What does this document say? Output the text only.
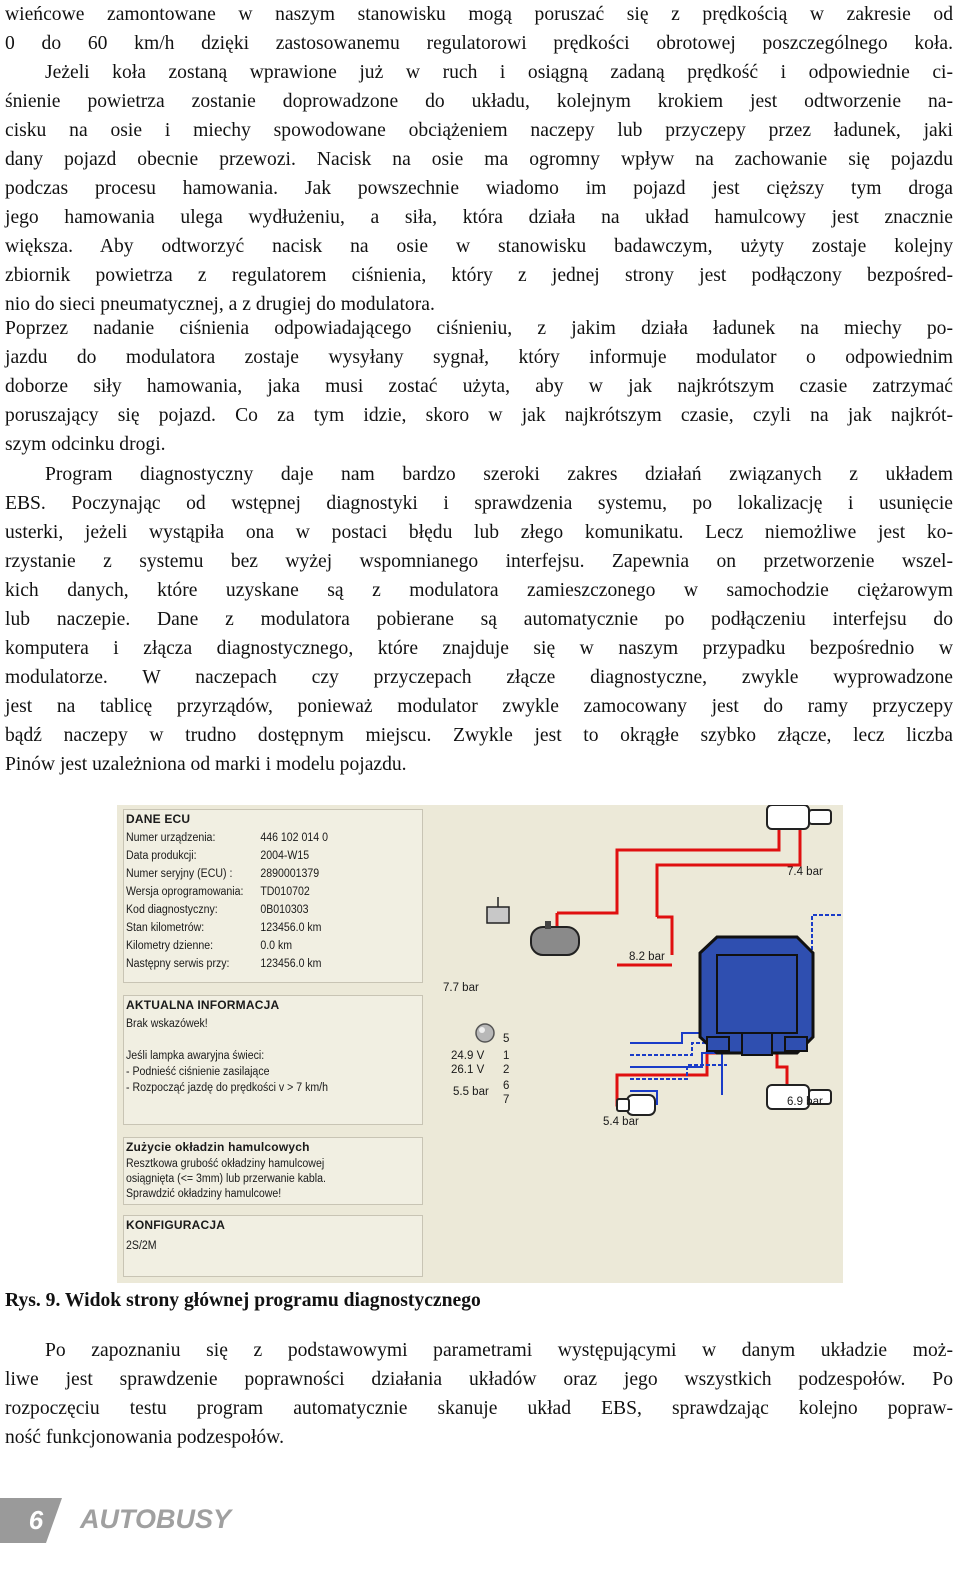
wieńcowe zamontowane w naszym stanowisku mogą poruszać się z prędkością w zakresie od
0 do 60 km/h dzięki zastosowanemu regulatorowi prędkości obrotowej poszczególnego koła.
Jeżeli koła zostaną wprawione już w ruch i osiągną zadaną prędkość i odpowiednie ci-
śnienie powietrza zostanie doprowadzone do układu, kolejnym krokiem jest odtworzenie na-
cisku na osie i miechy spowodowane obciążeniem naczepy lub przyczepy przez ładunek, jaki
dany pojazd obecnie przewozi. Nacisk na osie ma ogromny wpływ na zachowanie się pojazdu
podczas procesu hamowania. Jak powszechnie wiadomo im pojazd jest cięższy tym droga
jego hamowania ulega wydłużeniu, a siła, która działa na układ hamulcowy jest znacznie
większa. Aby odtworzyć nacisk na osie w stanowisku badawczym, użyty zostaje kolejny
zbiornik powietrza z regulatorem ciśnienia, który z jednej strony jest podłączony bezpośred-
nio do sieci pneumatycznej, a z drugiej do modulatora.
Poprzez nadanie ciśnienia odpowiadającego ciśnieniu, z jakim działa ładunek na miechy po-
jazdu do modulatora zostaje wysyłany sygnał, który informuje modulator o odpowiednim
doborze siły hamowania, jaka musi zostać użyta, aby w jak najkrótszym czasie zatrzymać
poruszający się pojazd. Co za tym idzie, skoro w jak najkrótszym czasie, czyli na jak najkrót-
szym odcinku drogi.
Program diagnostyczny daje nam bardzo szeroki zakres działań związanych z układem
EBS. Poczynając od wstępnej diagnostyki i sprawdzenia systemu, po lokalizację i usunięcie
usterki, jeżeli wystąpiła ona w postaci błędu lub złego komunikatu. Lecz niemożliwe jest ko-
rzystanie z systemu bez wyżej wspomnianego interfejsu. Zapewnia on przetworzenie wszel-
kich danych, które uzyskane są z modulatora zamieszczonego w samochodzie ciężarowym
lub naczepie. Dane z modulatora pobierane są automatycznie po podłączeniu interfejsu do
komputera i złącza diagnostycznego, które znajduje się w naszym przypadku bezpośrednio w
modulatorze. W naczepach czy przyczepach złącze diagnostyczne, zwykle wyprowadzone
jest na tablicę przyrządów, ponieważ modulator zwykle zamocowany jest do ramy przyczepy
bądź naczepy w trudno dostępnym miejscu. Zwykle jest to okrągłe szybko złącze, lecz liczba
Pinów jest uzależniona od marki i modelu pojazdu.
DANE ECU
Numer urządzenia:	446 102 014 0
Data produkcji:	2004-W15
Numer seryjny (ECU) : 2890001379
Wersja oprogramowania: TD010702
Kod diagnostyczny:	0B010303
Stan kilometrów:	123456.0 km
Kilometry dzienne:	0.0 km
Następny serwis przy:	123456.0 km
AKTUALNA INFORMACJA
Brak wskazówek!
Jeśli lampka awaryjna świeci:
- Podnieść ciśnienie zasilające
- Rozpocząć jazdę do prędkości v > 7 km/h
Zużycie okładzin hamulcowych
Resztkowa grubość okładziny hamulcowej
osiągnięta (<= 3mm) lub przerwanie kabla.
Sprawdzić okładziny hamulcowe!
KONFIGURACJA
2S/2M
7.4 bar
8.2 bar
7.7 bar
24.9 V
26.1 V
5.5 bar
5.4 bar
6.9 bar
5
1
2
6
7
Rys. 9. Widok strony głównej programu diagnostycznego
Po zapoznaniu się z podstawowymi parametrami występującymi w danym układzie moż-
liwe jest sprawdzenie poprawności działania układów oraz jego wszystkich podzespołów. Po
rozpoczęciu testu program automatycznie skanuje układ EBS, sprawdzając kolejno popraw-
ność funkcjonowania podzespołów.
6 AUTOBUSY
